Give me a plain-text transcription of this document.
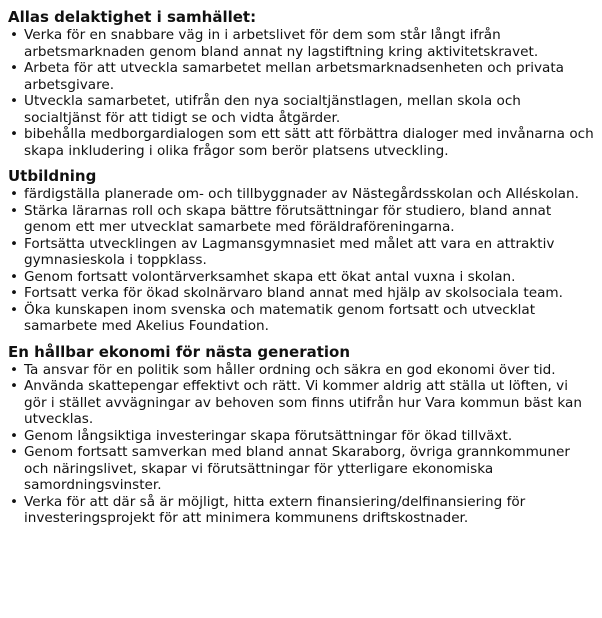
Allas delaktighet i samhället:
• Verka för en snabbare väg in i arbetslivet för dem som står långt ifrån arbetsmarknaden genom bland annat ny lagstiftning kring aktivitetskravet.
• Arbeta för att utveckla samarbetet mellan arbetsmarknadsenheten och privata arbetsgivare.
• Utveckla samarbetet, utifrån den nya socialtjänstlagen, mellan skola och socialtjänst för att tidigt se och vidta åtgärder.
• bibehålla medborgardialogen som ett sätt att förbättra dialoger med invånarna och skapa inkludering i olika frågor som berör platsens utveckling.
Utbildning
• färdigställa planerade om- och tillbyggnader av Nästegårdsskolan och Alléskolan.
• Stärka lärarnas roll och skapa bättre förutsättningar för studiero, bland annat genom ett mer utvecklat samarbete med föräldraföreningarna.
• Fortsätta utvecklingen av Lagmansgymnasiet med målet att vara en attraktiv gymnasieskola i toppklass.
• Genom fortsatt volontärverksamhet skapa ett ökat antal vuxna i skolan.
• Fortsatt verka för ökad skolnärvaro bland annat med hjälp av skolsociala team.
• Öka kunskapen inom svenska och matematik genom fortsatt och utvecklat samarbete med Akelius Foundation.
En hållbar ekonomi för nästa generation
• Ta ansvar för en politik som håller ordning och säkra en god ekonomi över tid.
• Använda skattepengar effektivt och rätt. Vi kommer aldrig att ställa ut löften, vi gör i stället avvägningar av behoven som finns utifrån hur Vara kommun bäst kan utvecklas.
• Genom långsiktiga investeringar skapa förutsättningar för ökad tillväxt.
• Genom fortsatt samverkan med bland annat Skaraborg, övriga grannkommuner och näringslivet, skapar vi förutsättningar för ytterligare ekonomiska samordningsvinster.
• Verka för att där så är möjligt, hitta extern finansiering/delfinansiering för investeringsprojekt för att minimera kommunens driftskostnader.
